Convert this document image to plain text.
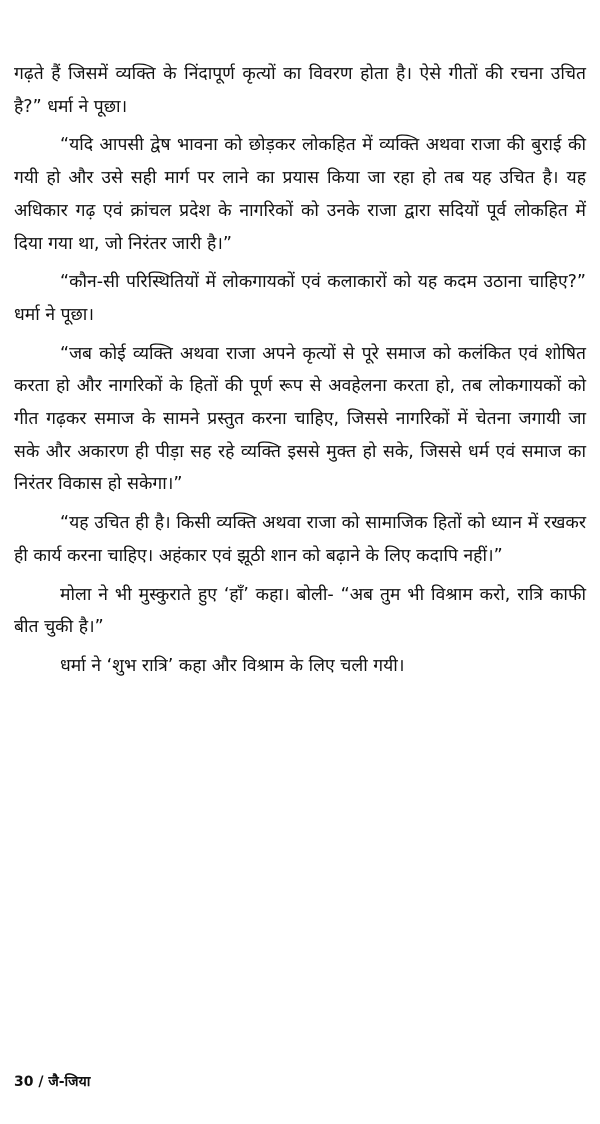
गढ़ते हैं जिसमें व्यक्ति के निंदापूर्ण कृत्यों का विवरण होता है। ऐसे गीतों की रचना उचित है?” धर्मा ने पूछा।

“यदि आपसी द्वेष भावना को छोड़कर लोकहित में व्यक्ति अथवा राजा की बुराई की गयी हो और उसे सही मार्ग पर लाने का प्रयास किया जा रहा हो तब यह उचित है। यह अधिकार गढ़ एवं क्रांचल प्रदेश के नागरिकों को उनके राजा द्वारा सदियों पूर्व लोकहित में दिया गया था, जो निरंतर जारी है।”

“कौन-सी परिस्थितियों में लोकगायकों एवं कलाकारों को यह कदम उठाना चाहिए?” धर्मा ने पूछा।

“जब कोई व्यक्ति अथवा राजा अपने कृत्यों से पूरे समाज को कलंकित एवं शोषित करता हो और नागरिकों के हितों की पूर्ण रूप से अवहेलना करता हो, तब लोकगायकों को गीत गढ़कर समाज के सामने प्रस्तुत करना चाहिए, जिससे नागरिकों में चेतना जगायी जा सके और अकारण ही पीड़ा सह रहे व्यक्ति इससे मुक्त हो सके, जिससे धर्म एवं समाज का निरंतर विकास हो सकेगा।”

“यह उचित ही है। किसी व्यक्ति अथवा राजा को सामाजिक हितों को ध्यान में रखकर ही कार्य करना चाहिए। अहंकार एवं झूठी शान को बढ़ाने के लिए कदापि नहीं।”

मोला ने भी मुस्कुराते हुए ‘हाँ’ कहा। बोली- “अब तुम भी विश्राम करो, रात्रि काफी बीत चुकी है।”

धर्मा ने ‘शुभ रात्रि’ कहा और विश्राम के लिए चली गयी।

30 / जै-जिया
